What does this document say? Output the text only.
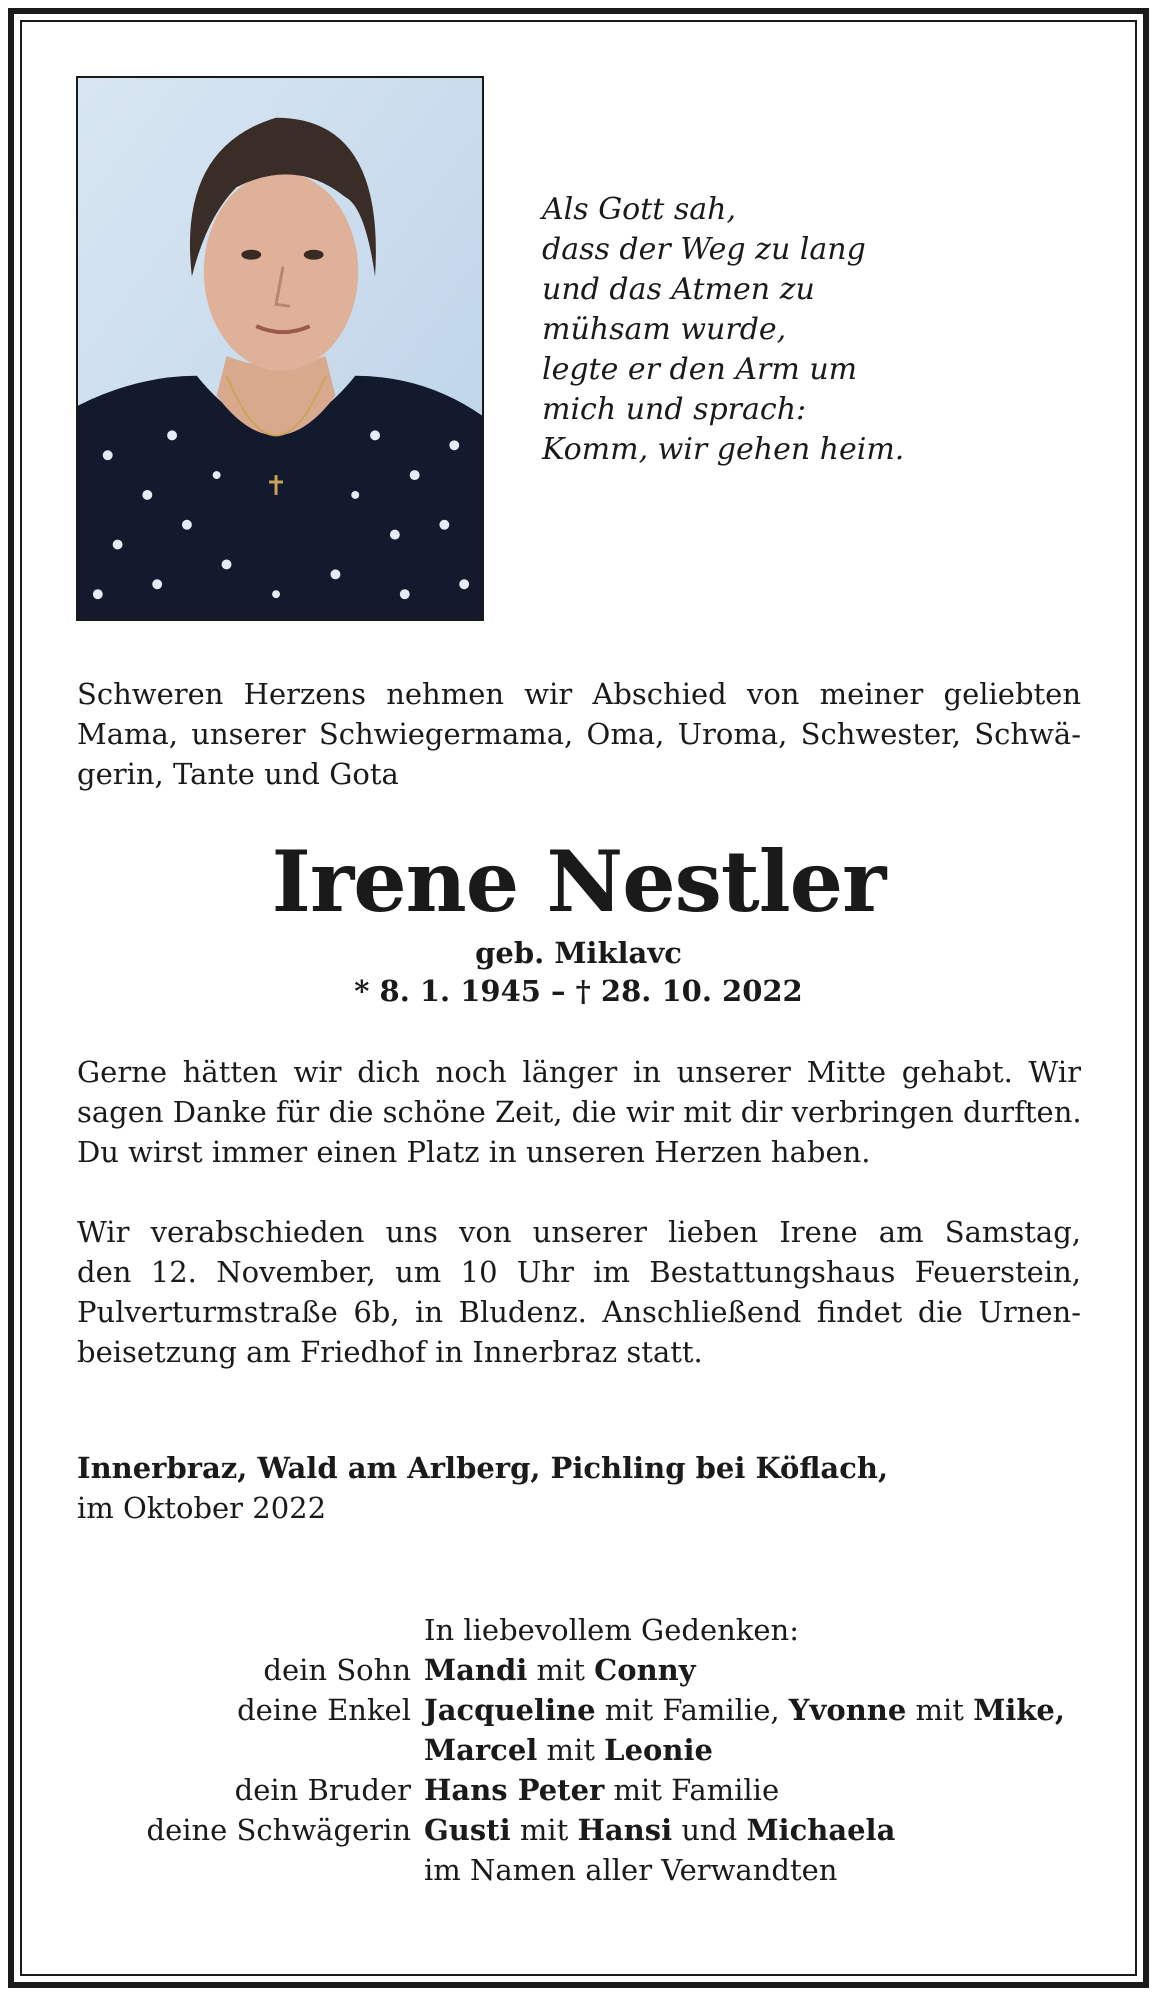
Als Gott sah,
dass der Weg zu lang
und das Atmen zu
mühsam wurde,
legte er den Arm um
mich und sprach:
Komm, wir gehen heim.
Schweren Herzens nehmen wir Abschied von meiner geliebten
Mama, unserer Schwiegermama, Oma, Uroma, Schwester, Schwä-
gerin, Tante und Gota
Irene Nestler
geb. Miklavc
* 8. 1. 1945 – † 28. 10. 2022
Gerne hätten wir dich noch länger in unserer Mitte gehabt. Wir
sagen Danke für die schöne Zeit, die wir mit dir verbringen durften.
Du wirst immer einen Platz in unseren Herzen haben.
Wir verabschieden uns von unserer lieben Irene am Samstag,
den 12. November, um 10 Uhr im Bestattungshaus Feuerstein,
Pulverturmstraße 6b, in Bludenz. Anschließend findet die Urnen-
beisetzung am Friedhof in Innerbraz statt.
Innerbraz, Wald am Arlberg, Pichling bei Köflach,
im Oktober 2022
In liebevollem Gedenken:
dein Sohn Mandi mit Conny
deine Enkel Jacqueline mit Familie, Yvonne mit Mike,
Marcel mit Leonie
dein Bruder Hans Peter mit Familie
deine Schwägerin Gusti mit Hansi und Michaela
im Namen aller Verwandten
